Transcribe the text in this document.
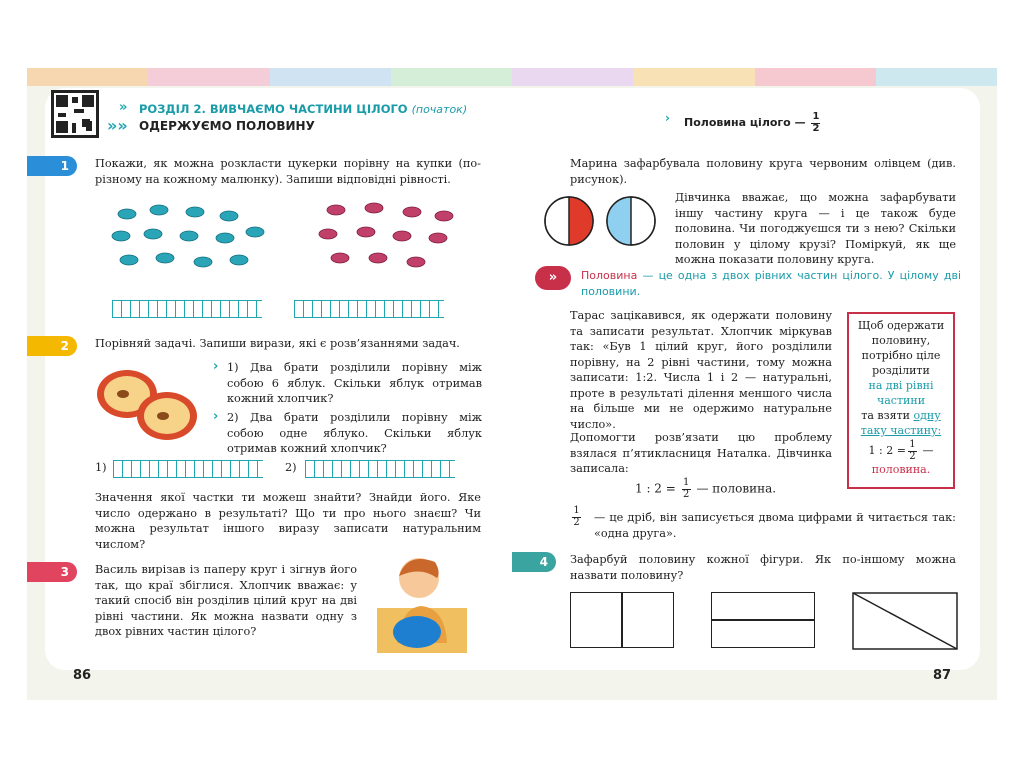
» РОЗДІЛ 2. ВИВЧАЄМО ЧАСТИНИ ЦІЛОГО (початок)
»» ОДЕРЖУЄМО ПОЛОВИНУ
› Половина цілого — $\frac{1}{2}$
1	Покажи, як можна розкласти цукерки порівну на купки (по-різному на кожному малюнку). Запиши відповідні рівності.
2	Порівняй задачі. Запиши вирази, які є розв’язаннями задач.
› 1) Два брати розділили порівну між собою 6 яблук. Скільки яблук отримав кожний хлопчик?
› 2) Два брати розділили порівну між собою одне яблуко. Скільки яблук отримав кожний хлопчик?
1)	2)
Значення якої частки ти можеш знайти? Знайди його. Яке число одержано в результаті? Що ти про нього знаєш? Чи можна результат іншого виразу записати натуральним числом?
3	Василь вирізав із паперу круг і зігнув його так, що краї збіглися. Хлопчик вважає: у такий спосіб він розділив цілий круг на дві рівні частини. Як можна назвати одну з двох рівних частин цілого?
Марина зафарбувала половину круга червоним олівцем (див. рисунок).
Дівчинка вважає, що можна зафарбувати іншу частину круга — і це також буде половина. Чи погоджуєшся ти з нею? Скільки половин у цілому крузі? Поміркуй, як ще можна показати половину круга.
»	Половина — це одна з двох рівних частин цілого. У цілому дві половини.
Тарас зацікавився, як одержати половину та записати результат. Хлопчик міркував так: «Був 1 цілий круг, його розділили порівну, на 2 рівні частини, тому можна записати: 1:2. Числа 1 і 2 — натуральні, проте в результаті ділення меншого числа на більше ми не одержимо натуральне число».
Щоб одержати
половину,
потрібно ціле
розділити
на дві рівні
частини
та взяти одну
таку частину:
1 : $2 = \frac{1}{2}$ —
половина.
Допомогти розв’язати цю проблему взялася п’ятикласниця Наталка. Дівчинка записала:
1 : $2 = \frac{1}{2}$ — половина.
$\frac{1}{2}$ — це дріб, він записується двома цифрами й читається так: «одна друга».
4	Зафарбуй половину кожної фігури. Як по-іншому можна назвати половину?
86	87
